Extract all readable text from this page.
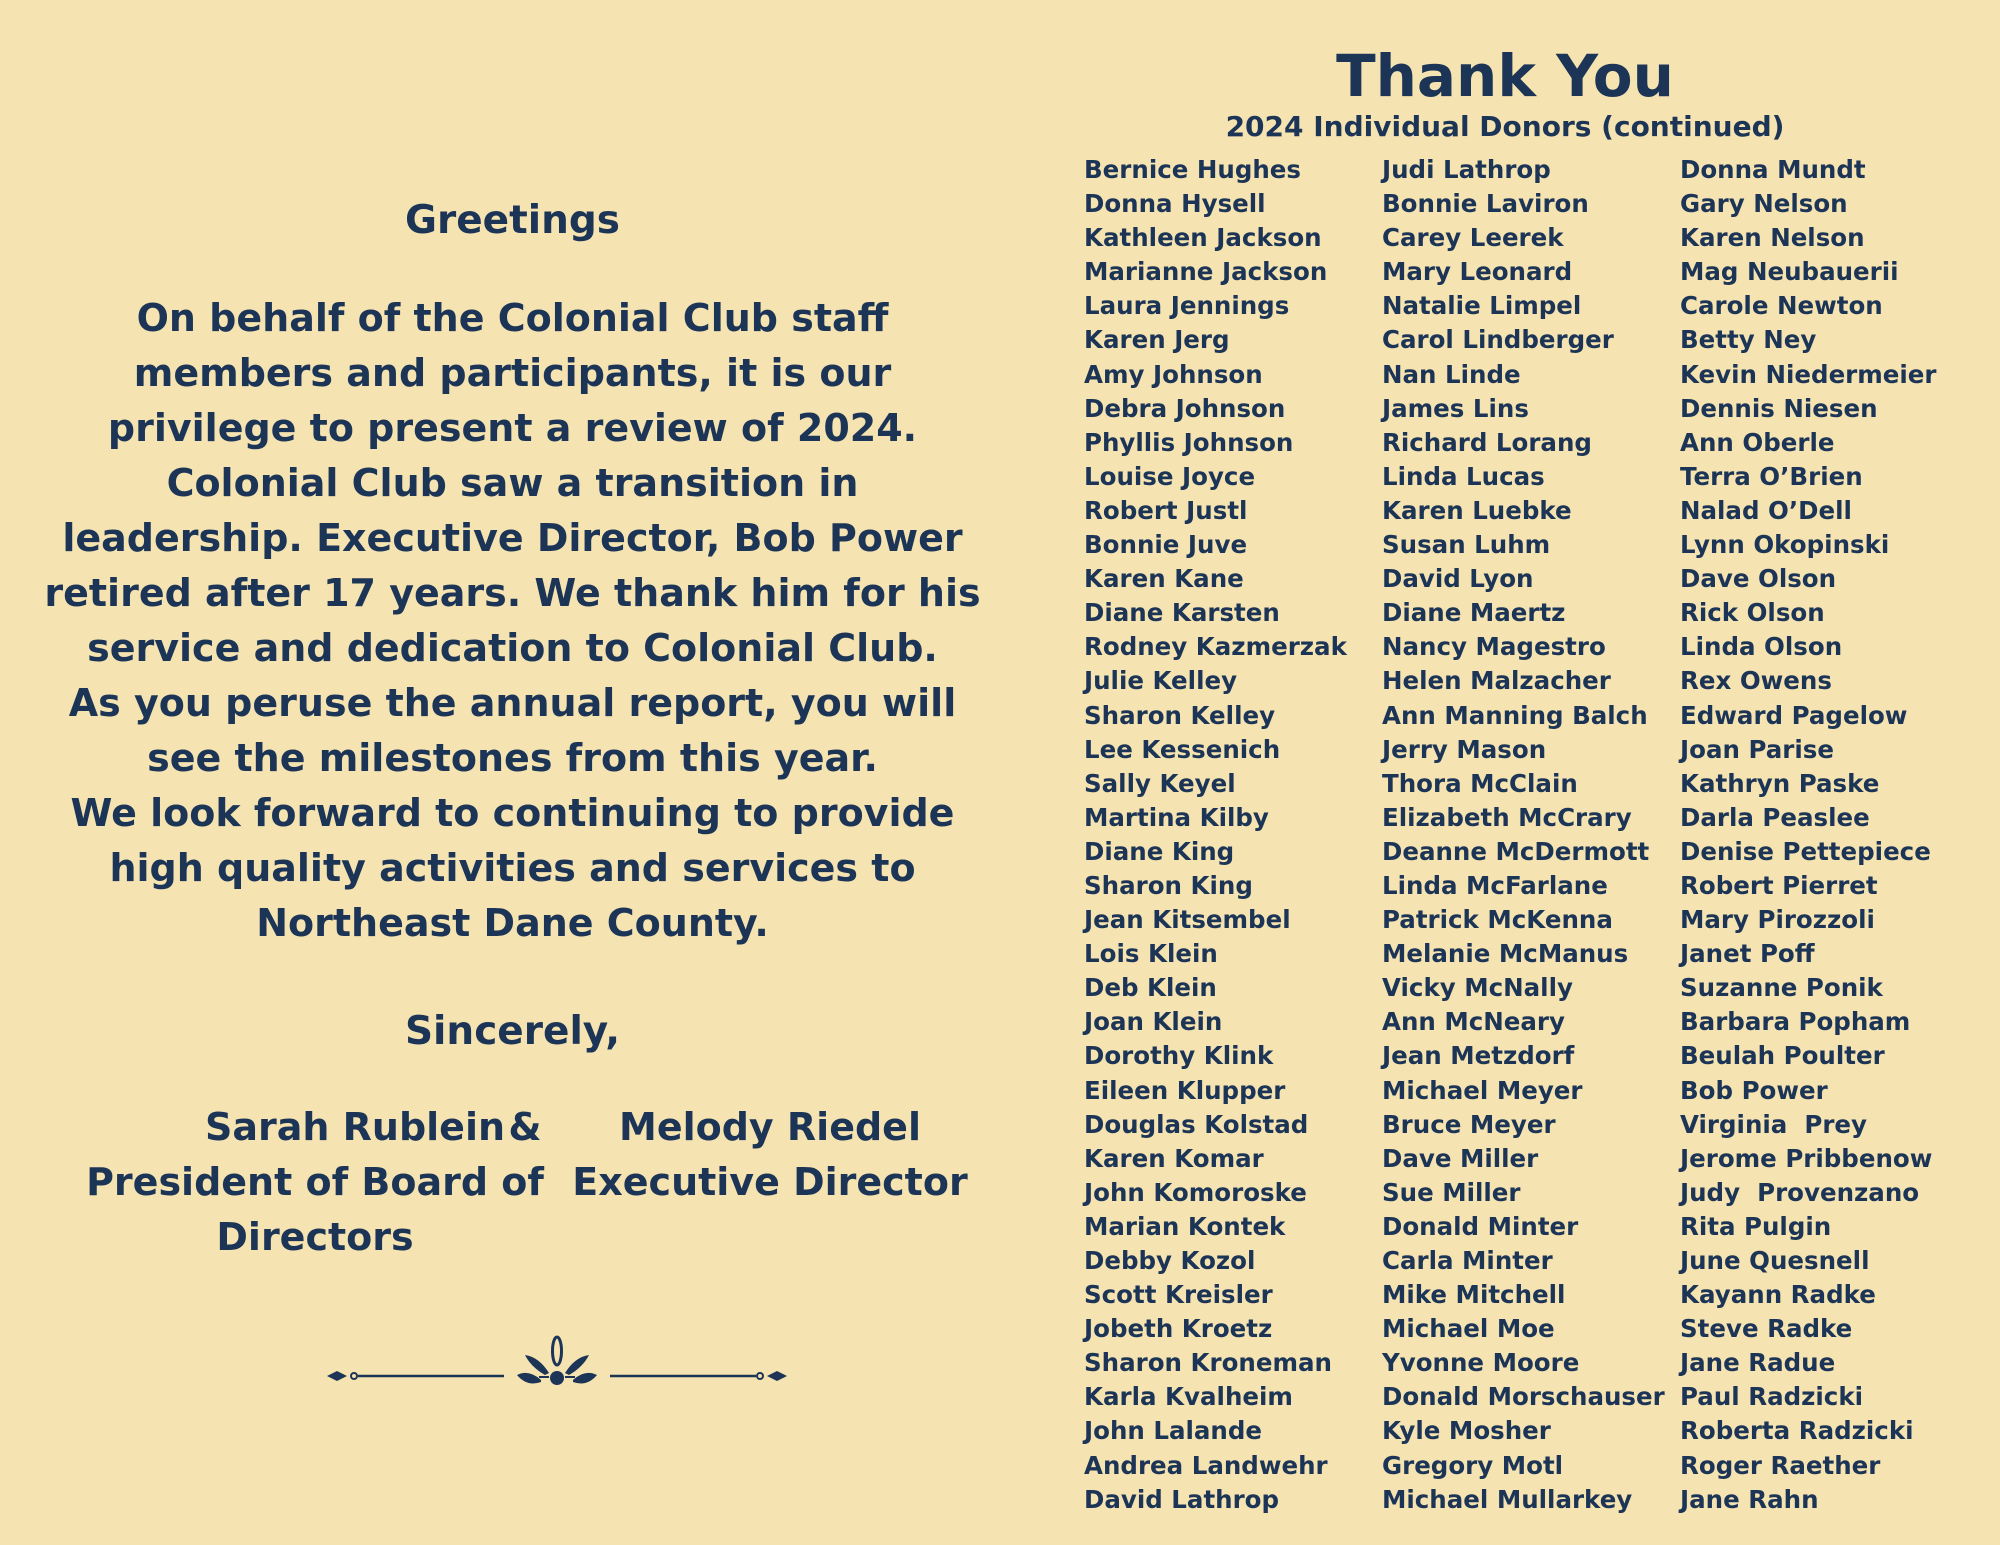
Greetings

On behalf of the Colonial Club staff members and participants, it is our privilege to present a review of 2024.

Colonial Club saw a transition in leadership. Executive Director, Bob Power retired after 17 years. We thank him for his service and dedication to Colonial Club.

As you peruse the annual report, you will see the milestones from this year.

We look forward to continuing to provide high quality activities and services to Northeast Dane County.

Sincerely,
Sarah Rublein &	Melody Riedel
President of Board of Directors
Executive Director
Thank You
2024 Individual Donors (continued)
Bernice Hughes
Donna Hysell
Kathleen Jackson
Marianne Jackson
Laura Jennings
Karen Jerg
Amy Johnson
Debra Johnson
Phyllis Johnson
Louise Joyce
Robert Justl
Bonnie Juve
Karen Kane
Diane Karsten
Rodney Kazmerzak
Julie Kelley
Sharon Kelley
Lee Kessenich
Sally Keyel
Martina Kilby
Diane King
Sharon King
Jean Kitsembel
Lois Klein
Deb Klein
Joan Klein
Dorothy Klink
Eileen Klupper
Douglas Kolstad
Karen Komar
John Komoroske
Marian Kontek
Debby Kozol
Scott Kreisler
Jobeth Kroetz
Sharon Kroneman
Karla Kvalheim
John Lalande
Andrea Landwehr
David Lathrop
Judi Lathrop
Bonnie Laviron
Carey Leerek
Mary Leonard
Natalie Limpel
Carol Lindberger
Nan Linde
James Lins
Richard Lorang
Linda Lucas
Karen Luebke
Susan Luhm
David Lyon
Diane Maertz
Nancy Magestro
Helen Malzacher
Ann Manning Balch
Jerry Mason
Thora McClain
Elizabeth McCrary
Deanne McDermott
Linda McFarlane
Patrick McKenna
Melanie McManus
Vicky McNally
Ann McNeary
Jean Metzdorf
Michael Meyer
Bruce Meyer
Dave Miller
Sue Miller
Donald Minter
Carla Minter
Mike Mitchell
Michael Moe
Yvonne Moore
Donald Morschauser
Kyle Mosher
Gregory Motl
Michael Mullarkey
Donna Mundt
Gary Nelson
Karen Nelson
Mag Neubauerii
Carole Newton
Betty Ney
Kevin Niedermeier
Dennis Niesen
Ann Oberle
Terra O’Brien
Nalad O’Dell
Lynn Okopinski
Dave Olson
Rick Olson
Linda Olson
Rex Owens
Edward Pagelow
Joan Parise
Kathryn Paske
Darla Peaslee
Denise Pettepiece
Robert Pierret
Mary Pirozzoli
Janet Poff
Suzanne Ponik
Barbara Popham
Beulah Poulter
Bob Power
Virginia  Prey
Jerome Pribbenow
Judy  Provenzano
Rita Pulgin
June Quesnell
Kayann Radke
Steve Radke
Jane Radue
Paul Radzicki
Roberta Radzicki
Roger Raether
Jane Rahn
